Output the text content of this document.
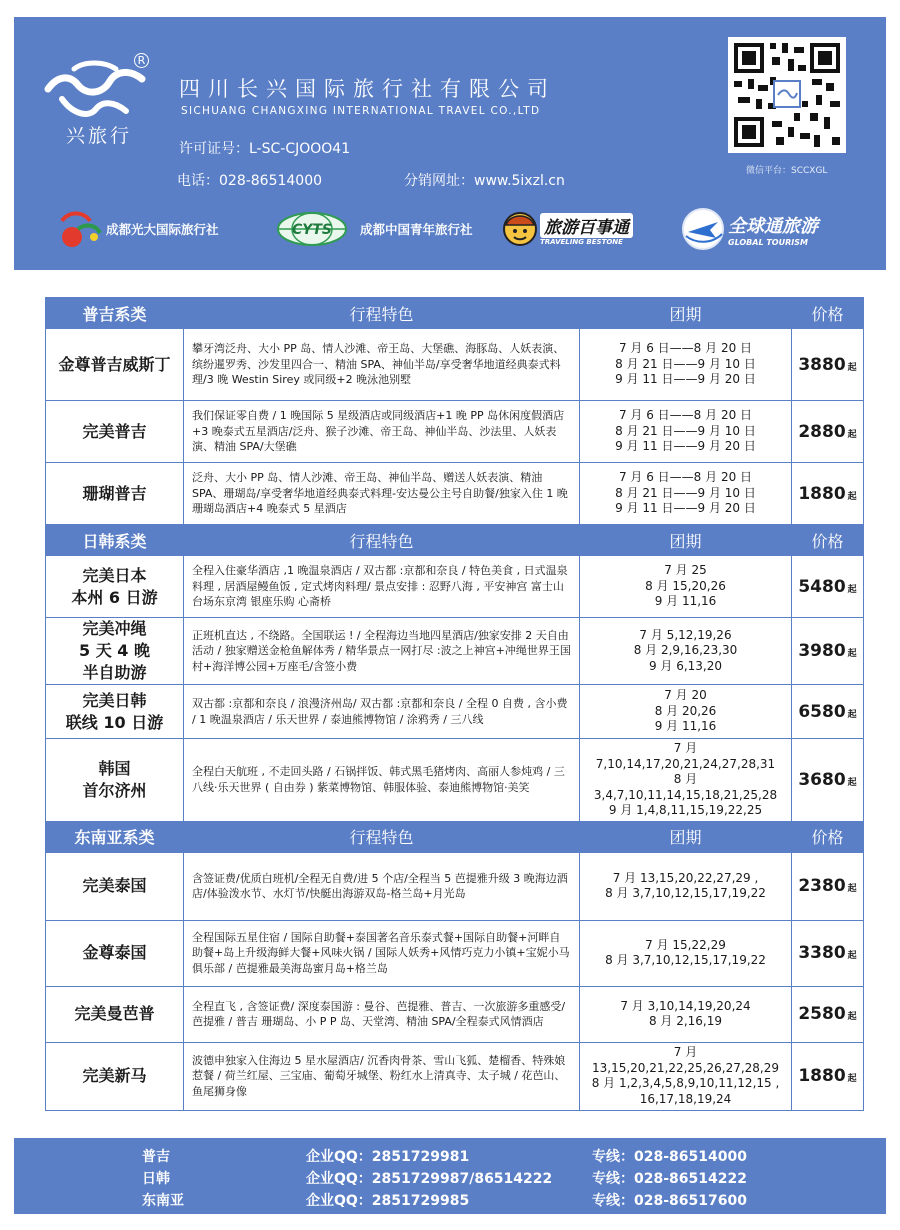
R
兴旅行
四川长兴国际旅行社有限公司
SICHUANG CHANGXING INTERNATIONAL TRAVEL CO.,LTD
许可证号：L-SC-CJOOO41
电话：028-86514000	分销网址：www.5ixzl.cn
微信平台：SCCXGL
成都光大国际旅行社	CYTS 成都中国青年旅行社	旅游百事通
TRAVELING BESTONE
全球通旅游
GLOBAL TOURISM
普吉系类	行程特色	团期	价格
金尊普吉威斯丁	攀牙湾泛舟、大小 PP 岛、情人沙滩、帝王岛、大堡礁、海豚岛、人妖表演、缤纷暹罗秀、沙发里四合一、精油 SPA、神仙半岛/享受奢华地道经典泰式料理/3 晚 Westin Sirey 或同级+2 晚泳池别墅	7 月 6 日——8 月 20 日
8 月 21 日——9 月 10 日
9 月 11 日——9 月 20 日	3880 起
完美普吉	我们保证零自费 / 1 晚国际 5 星级酒店或同级酒店+1 晚 PP 岛休闲度假酒店+3 晚泰式五星酒店/泛舟、猴子沙滩、帝王岛、神仙半岛、沙法里、人妖表演、精油 SPA/大堡礁	7 月 6 日——8 月 20 日
8 月 21 日——9 月 10 日
9 月 11 日——9 月 20 日	2880 起
珊瑚普吉	泛舟、大小 PP 岛、情人沙滩、帝王岛、神仙半岛、赠送人妖表演、精油 SPA、珊瑚岛/享受奢华地道经典泰式料理-安达曼公主号自助餐/独家入住 1 晚珊瑚岛酒店+4 晚泰式 5 星酒店	7 月 6 日——8 月 20 日
8 月 21 日——9 月 10 日
9 月 11 日——9 月 20 日	1880 起
日韩系类	行程特色	团期	价格
完美日本
本州 6 日游	全程入住豪华酒店 ,1 晚温泉酒店 / 双古都 :京都和奈良 / 特色美食 , 日式温泉料理 , 居酒屋鳗鱼饭 , 定式烤肉料理/ 景点安排 : 忍野八海 , 平安神宫 富士山 台场东京湾 银座乐购 心斋桥	7 月 25
8 月 15,20,26
9 月 11,16	5480 起
完美冲绳
5 天 4 晚
半自助游	正班机直达 , 不绕路。全国联运 ! / 全程海边当地四星酒店/独家安排 2 天自由活动 / 独家赠送金枪鱼解体秀 / 精华景点一网打尽 :波之上神宫+冲绳世界王国村+海洋博公园+万座毛/含签小费	7 月 5,12,19,26
8 月 2,9,16,23,30
9 月 6,13,20	3980 起
完美日韩
联线 10 日游	双古都 :京都和奈良 / 浪漫济州岛/ 双古都 :京都和奈良 / 全程 0 自费 , 含小费 / 1 晚温泉酒店 / 乐天世界 / 泰迪熊博物馆 / 涂鸦秀 / 三八线	7 月 20
8 月 20,26
9 月 11,16	6580 起
韩国
首尔济州	全程白天航班 , 不走回头路 / 石锅拌饭、韩式黑毛猪烤肉、高丽人参炖鸡 / 三八线·乐天世界 ( 自由券 ) 紫菜博物馆、韩服体验、泰迪熊博物馆·美笑	7 月 7,10,14,17,20,21,24,27,28,31
8 月 3,4,7,10,11,14,15,18,21,25,28
9 月 1,4,8,11,15,19,22,25	3680 起
东南亚系类	行程特色	团期	价格
完美泰国	含签证费/优质白班机/全程无自费/进 5 个店/全程当 5 芭提雅升级 3 晚海边酒店/体验泼水节、水灯节/快艇出海游双岛-格兰岛+月光岛	7 月 13,15,20,22,27,29 ,
8 月 3,7,10,12,15,17,19,22	2380 起
金尊泰国	全程国际五星住宿 / 国际自助餐+泰国著名音乐泰式餐+国际自助餐+河畔自助餐+岛上升级海鲜大餐+风味火锅 / 国际人妖秀+风情巧克力小镇+宝妮小马俱乐部 / 芭提雅最美海岛蜜月岛+格兰岛	7 月 15,22,29
8 月 3,7,10,12,15,17,19,22	3380 起
完美曼芭普	全程直飞 , 含签证费/ 深度泰国游 : 曼谷、芭提雅、普吉、一次旅游多重感受/ 芭提雅 / 普吉 珊瑚岛、小 P P 岛、天堂湾、精油 SPA/全程泰式风情酒店	7 月 3,10,14,19,20,24
8 月 2,16,19	2580 起
完美新马	波德申独家入住海边 5 星水屋酒店/ 沉香肉骨茶、雪山飞狐、楚榴香、特殊娘惹餐 / 荷兰红屋、三宝庙、葡萄牙城堡、粉红水上清真寺、太子城 / 花芭山、鱼尾狮身像	7 月 13,15,20,21,22,25,26,27,28,29
8 月 1,2,3,4,5,8,9,10,11,12,15 ,
16,17,18,19,24	1880 起
普吉	企业QQ：2851729981	专线：028-86514000
日韩	企业QQ：2851729987/86514222	专线：028-86514222
东南亚	企业QQ：2851729985	专线：028-86517600
